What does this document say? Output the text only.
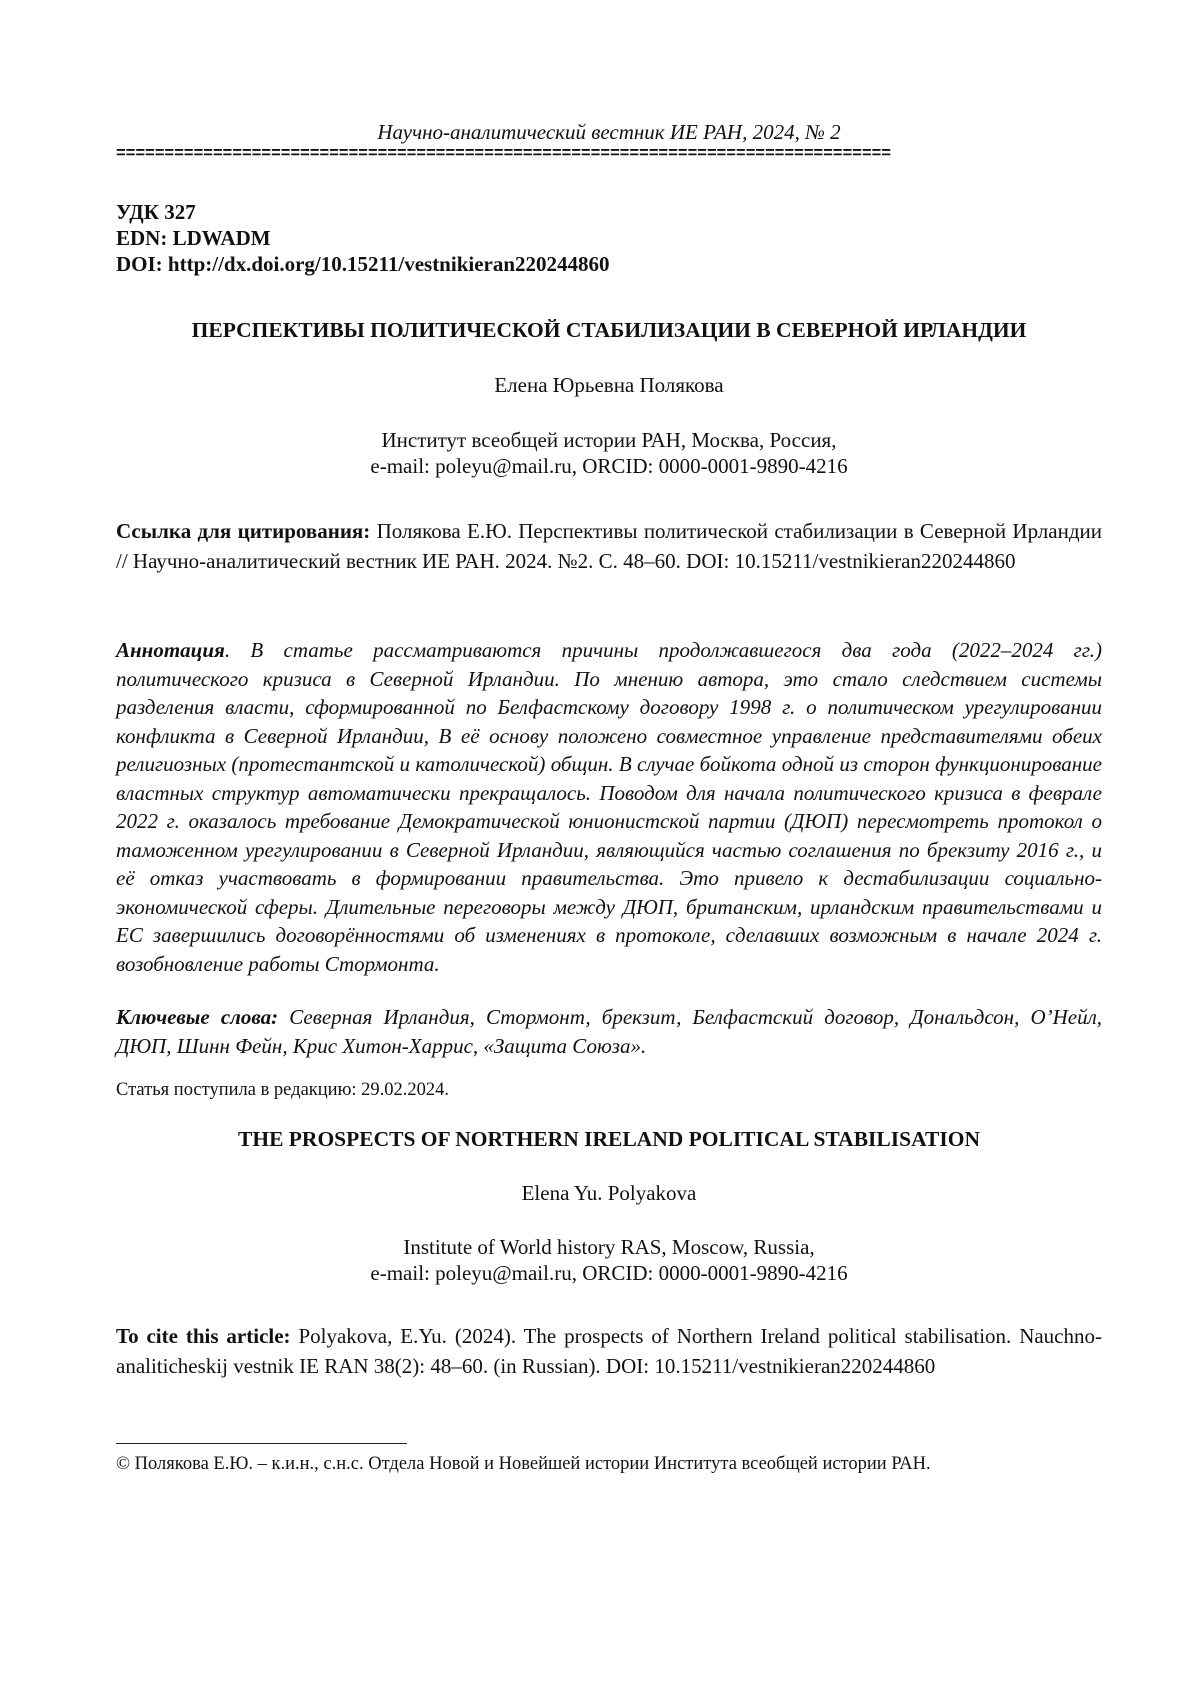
Научно-аналитический вестник ИЕ РАН, 2024, № 2
================================================================================
УДК 327
EDN: LDWADM
DOI: http://dx.doi.org/10.15211/vestnikieran220244860
ПЕРСПЕКТИВЫ ПОЛИТИЧЕСКОЙ СТАБИЛИЗАЦИИ В СЕВЕРНОЙ ИРЛАНДИИ
Елена Юрьевна Полякова
Институт всеобщей истории РАН, Москва, Россия,
e-mail: poleyu@mail.ru, ORCID: 0000-0001-9890-4216
Ссылка для цитирования: Полякова Е.Ю. Перспективы политической стабилизации в Северной Ирландии // Научно-аналитический вестник ИЕ РАН. 2024. №2. С. 48–60. DOI: 10.15211/vestnikieran220244860
Аннотация. В статье рассматриваются причины продолжавшегося два года (2022–2024 гг.) политического кризиса в Северной Ирландии. По мнению автора, это стало следствием системы разделения власти, сформированной по Белфастскому договору 1998 г. о политическом урегулировании конфликта в Северной Ирландии, В её основу положено совместное управление представителями обеих религиозных (протестантской и католической) общин. В случае бойкота одной из сторон функционирование властных структур автоматически прекращалось. Поводом для начала политического кризиса в феврале 2022 г. оказалось требование Демократической юнионистской партии (ДЮП) пересмотреть протокол о таможенном урегулировании в Северной Ирландии, являющийся частью соглашения по брекзиту 2016 г., и её отказ участвовать в формировании правительства. Это привело к дестабилизации социально-экономической сферы. Длительные переговоры между ДЮП, британским, ирландским правительствами и ЕС завершились договорённостями об изменениях в протоколе, сделавших возможным в начале 2024 г. возобновление работы Стормонта.
Ключевые слова: Северная Ирландия, Стормонт, брекзит, Белфастский договор, Дональдсон, О’Нейл, ДЮП, Шинн Фейн, Крис Хитон-Харрис, «Защита Союза».
Статья поступила в редакцию: 29.02.2024.
THE PROSPECTS OF NORTHERN IRELAND POLITICAL STABILISATION
Elena Yu. Polyakova
Institute of World history RAS, Moscow, Russia,
e-mail: poleyu@mail.ru, ORCID: 0000-0001-9890-4216
To cite this article: Polyakova, E.Yu. (2024). The prospects of Northern Ireland political stabilisation. Nauchno-analiticheskij vestnik IE RAN 38(2): 48–60. (in Russian). DOI: 10.15211/vestnikieran220244860
© Полякова Е.Ю. – к.и.н., с.н.с. Отдела Новой и Новейшей истории Института всеобщей истории РАН.
